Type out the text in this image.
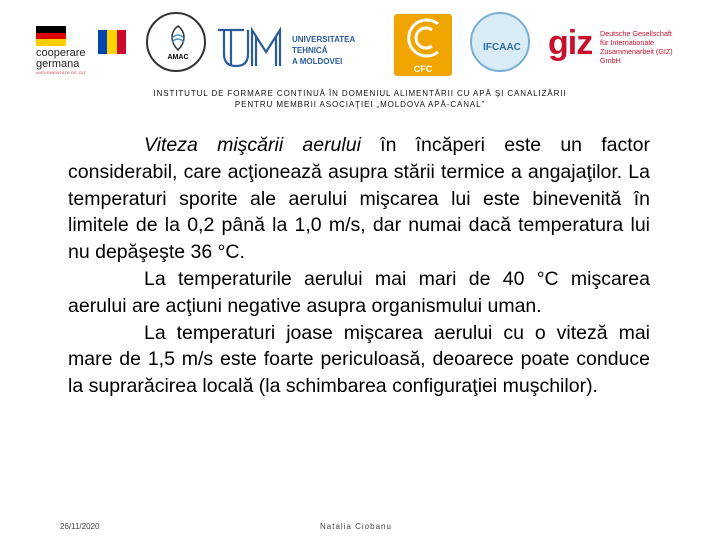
cooperare
germana
IMPLEMENTATA DE GIZ
AMAC
UNIVERSITATEA TEHNICĂ
A MOLDOVEI
CFC
IFCAAC giz Deutsche Gesellschaft
für Internationale
Zusammenarbeit (GIZ) GmbH
INSTITUTUL DE FORMARE CONTINUĂ ÎN DOMENIUL ALIMENTĂRII CU APĂ ŞI CANALIZĂRII
PENTRU MEMBRII ASOCIAŢIEI „MOLDOVA APĂ-CANAL”

Viteza mişcării aerului în încăperi este un factor considerabil, care acţionează asupra stării termice a angajaţilor. La temperaturi sporite ale aerului mişcarea lui este binevenită în limitele de la 0,2 până la 1,0 m/s, dar numai dacă temperatura lui nu depăşeşte 36 °C.

La temperaturile aerului mai mari de 40 °C mişcarea aerului are acţiuni negative asupra organismului uman.

La temperaturi joase mişcarea aerului cu o viteză mai mare de 1,5 m/s este foarte periculoasă, deoarece poate conduce la suprarăcirea locală (la schimbarea configuraţiei muşchilor).

26/11/2020	Natalia Ciobanu
